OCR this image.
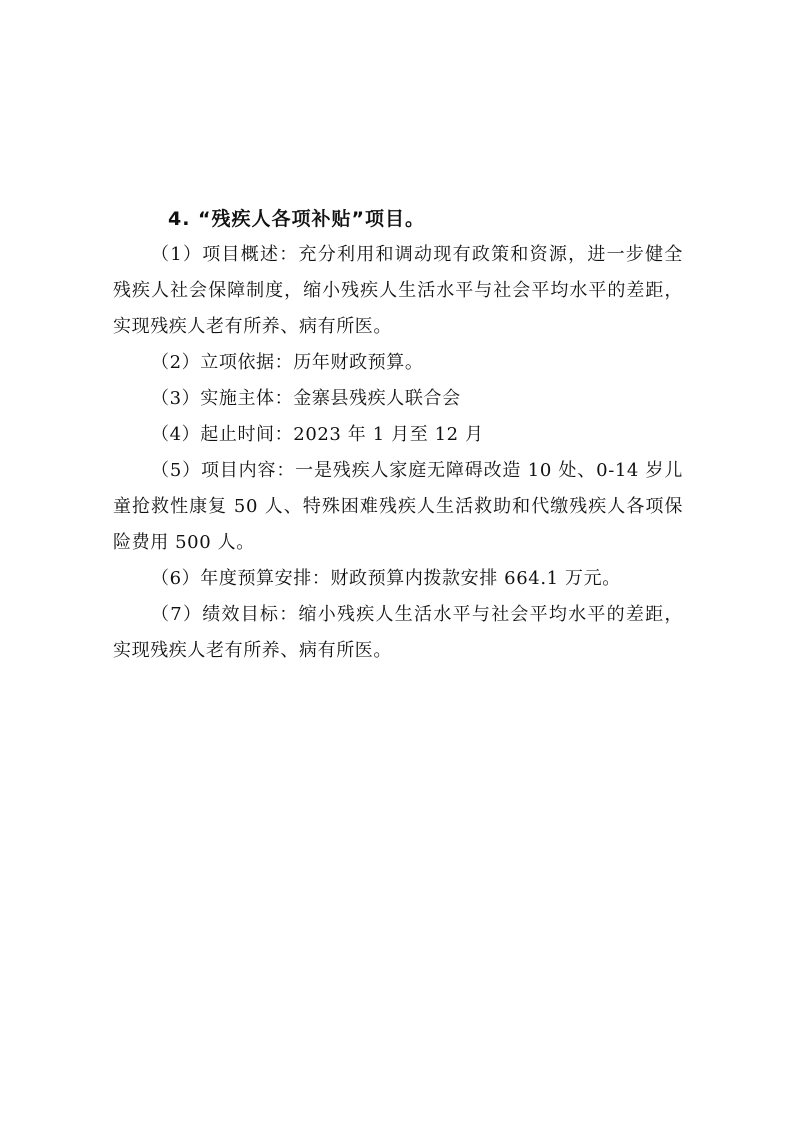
4. “残疾人各项补贴”项目。
（1）项目概述：充分利用和调动现有政策和资源，进一步健全残疾人社会保障制度，缩小残疾人生活水平与社会平均水平的差距，实现残疾人老有所养、病有所医。
（2）立项依据：历年财政预算。
（3）实施主体：金寨县残疾人联合会
（4）起止时间：2023 年 1 月至 12 月
（5）项目内容：一是残疾人家庭无障碍改造 10 处、0-14 岁儿童抢救性康复 50 人、特殊困难残疾人生活救助和代缴残疾人各项保险费用 500 人。
（6）年度预算安排：财政预算内拨款安排 664.1 万元。
（7）绩效目标：缩小残疾人生活水平与社会平均水平的差距，实现残疾人老有所养、病有所医。
